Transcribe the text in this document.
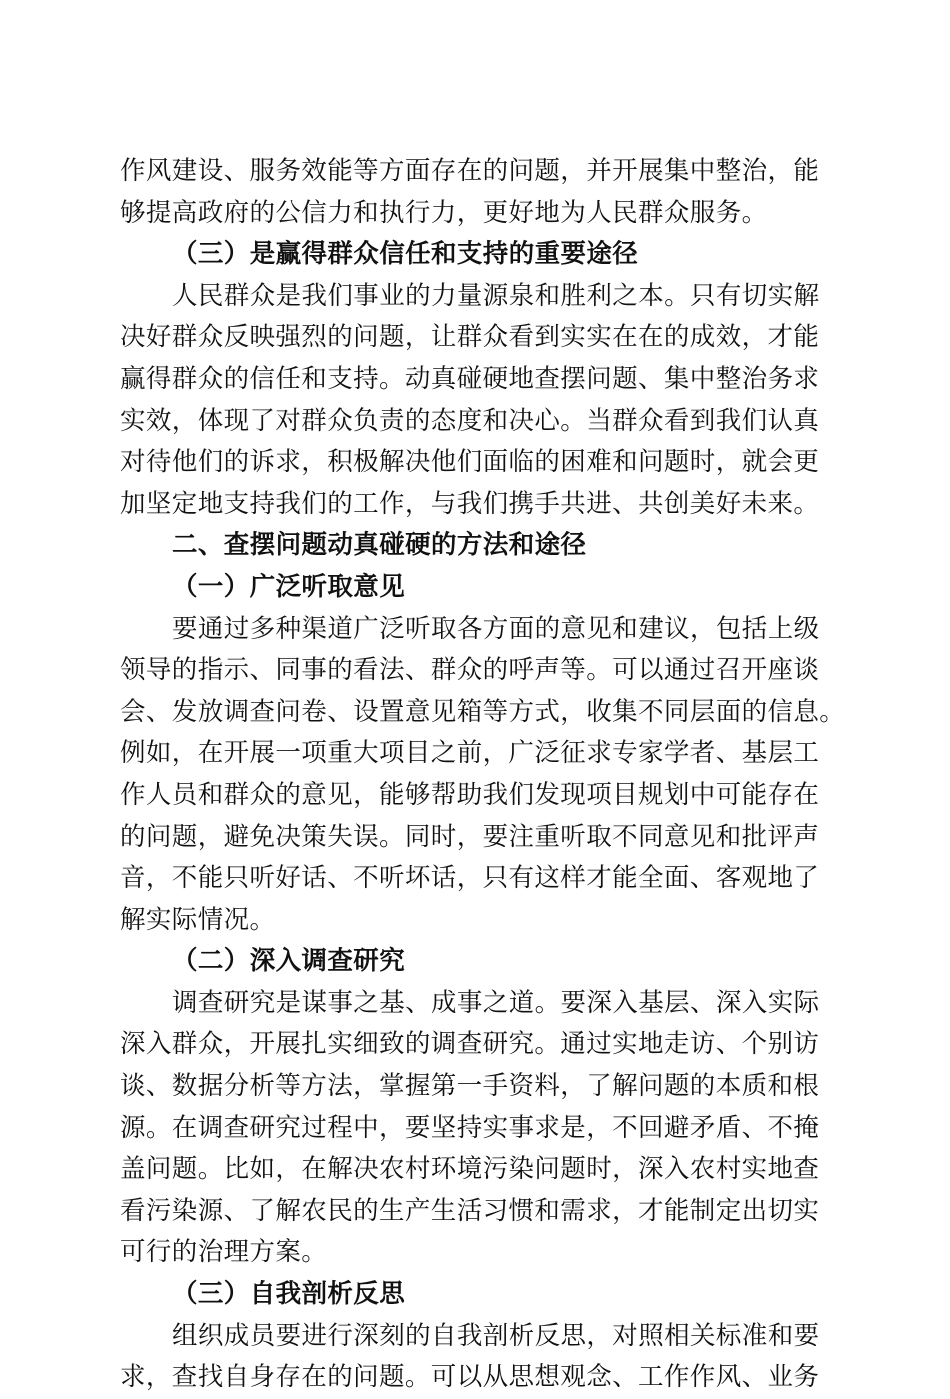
作风建设、服务效能等方面存在的问题，并开展集中整治，能
够提高政府的公信力和执行力，更好地为人民群众服务。
（三）是赢得群众信任和支持的重要途径
人民群众是我们事业的力量源泉和胜利之本。只有切实解
决好群众反映强烈的问题，让群众看到实实在在的成效，才能
赢得群众的信任和支持。动真碰硬地查摆问题、集中整治务求
实效，体现了对群众负责的态度和决心。当群众看到我们认真
对待他们的诉求，积极解决他们面临的困难和问题时，就会更
加坚定地支持我们的工作，与我们携手共进、共创美好未来。
二、查摆问题动真碰硬的方法和途径
（一）广泛听取意见
要通过多种渠道广泛听取各方面的意见和建议，包括上级
领导的指示、同事的看法、群众的呼声等。可以通过召开座谈
会、发放调查问卷、设置意见箱等方式，收集不同层面的信息。
例如，在开展一项重大项目之前，广泛征求专家学者、基层工
作人员和群众的意见，能够帮助我们发现项目规划中可能存在
的问题，避免决策失误。同时，要注重听取不同意见和批评声
音，不能只听好话、不听坏话，只有这样才能全面、客观地了
解实际情况。
（二）深入调查研究
调查研究是谋事之基、成事之道。要深入基层、深入实际
深入群众，开展扎实细致的调查研究。通过实地走访、个别访
谈、数据分析等方法，掌握第一手资料，了解问题的本质和根
源。在调查研究过程中，要坚持实事求是，不回避矛盾、不掩
盖问题。比如，在解决农村环境污染问题时，深入农村实地查
看污染源、了解农民的生产生活习惯和需求，才能制定出切实
可行的治理方案。
（三）自我剖析反思
组织成员要进行深刻的自我剖析反思，对照相关标准和要
求，查找自身存在的问题。可以从思想观念、工作作风、业务
